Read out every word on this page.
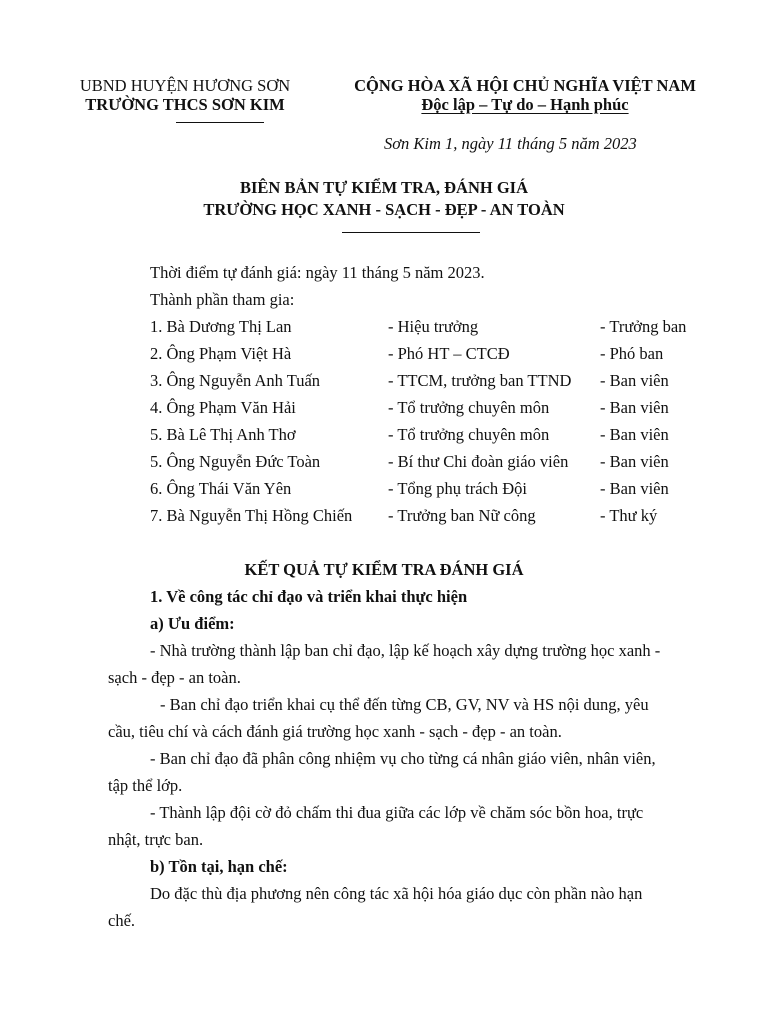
UBND HUYỆN HƯƠNG SƠN
TRƯỜNG THCS SƠN KIM
CỘNG HÒA XÃ HỘI CHỦ NGHĨA VIỆT NAM
Độc lập – Tự do – Hạnh phúc
Sơn Kim 1, ngày 11 tháng 5 năm 2023
BIÊN BẢN TỰ KIỂM TRA, ĐÁNH GIÁ
TRƯỜNG HỌC XANH - SẠCH - ĐẸP - AN TOÀN
Thời điểm tự đánh giá: ngày 11 tháng 5 năm 2023.
Thành phần tham gia:
1. Bà Dương Thị Lan	- Hiệu trưởng	- Trưởng ban
2. Ông Phạm Việt Hà	- Phó HT – CTCĐ	- Phó ban
3. Ông Nguyễn Anh Tuấn	- TTCM, trưởng ban TTND - Ban viên
4. Ông Phạm Văn Hải	- Tổ trưởng chuyên môn	- Ban viên
5. Bà Lê Thị Anh Thơ	- Tổ trưởng chuyên môn	- Ban viên
5. Ông Nguyễn Đức Toàn	- Bí thư Chi đoàn giáo viên - Ban viên
6. Ông Thái Văn Yên	- Tổng phụ trách Đội	- Ban viên
7. Bà Nguyễn Thị Hồng Chiến - Trưởng ban Nữ công	- Thư ký
KẾT QUẢ TỰ KIỂM TRA ĐÁNH GIÁ
1. Về công tác chỉ đạo và triển khai thực hiện
a) Ưu điểm:
- Nhà trường thành lập ban chỉ đạo, lập kế hoạch xây dựng trường học xanh -
sạch - đẹp - an toàn.
- Ban chỉ đạo triển khai cụ thể đến từng CB, GV, NV và HS nội dung, yêu
cầu, tiêu chí và cách đánh giá trường học xanh - sạch - đẹp - an toàn.
- Ban chỉ đạo đã phân công nhiệm vụ cho từng cá nhân giáo viên, nhân viên,
tập thể lớp.
- Thành lập đội cờ đỏ chấm thi đua giữa các lớp về chăm sóc bồn hoa, trực
nhật, trực ban.
b) Tồn tại, hạn chế:
Do đặc thù địa phương nên công tác xã hội hóa giáo dục còn phần nào hạn
chế.
